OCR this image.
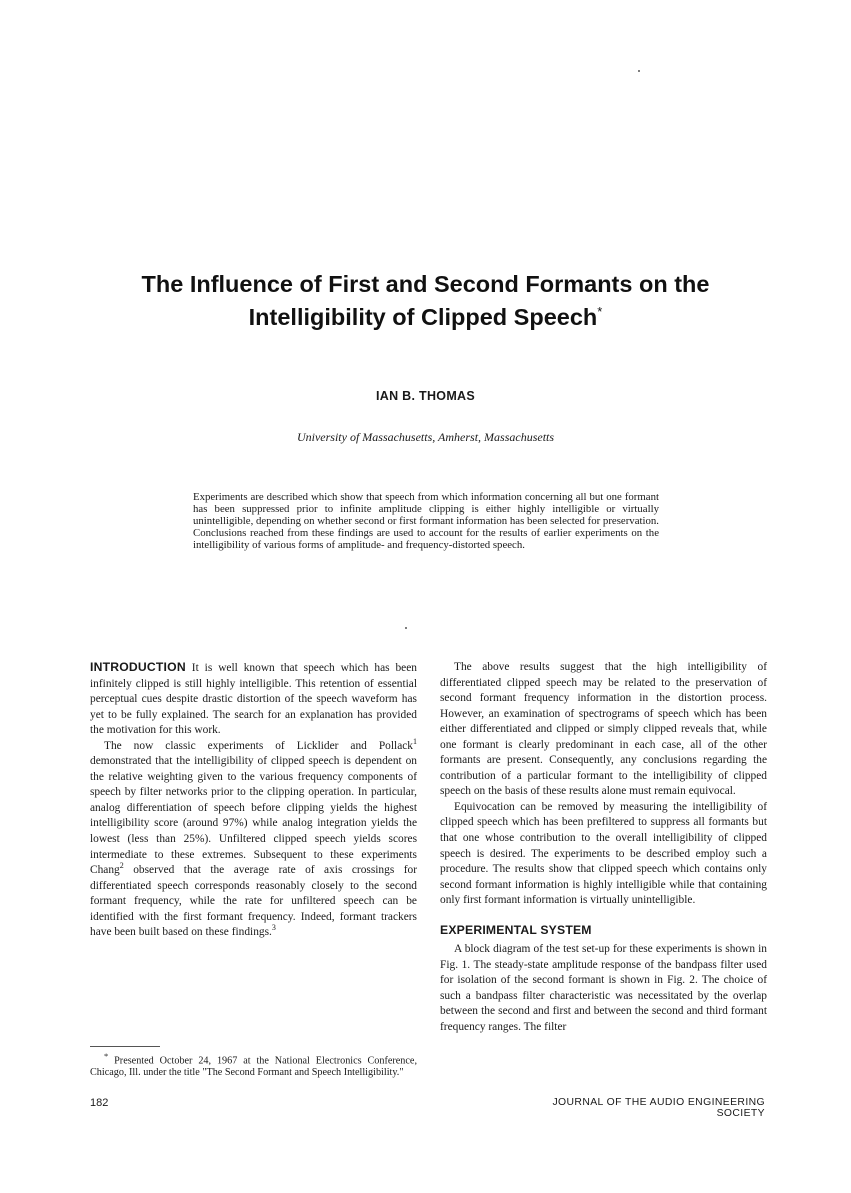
The Influence of First and Second Formants on the
Intelligibility of Clipped Speech*
IAN B. THOMAS
University of Massachusetts, Amherst, Massachusetts
Experiments are described which show that speech from which information concerning all but one formant has been suppressed prior to infinite amplitude clipping is either highly intelligible or virtually unintelligible, depending on whether second or first formant information has been selected for preservation. Conclusions reached from these findings are used to account for the results of earlier experiments on the intelligibility of various forms of amplitude- and frequency-distorted speech.

INTRODUCTION It is well known that speech which has been infinitely clipped is still highly intelligible. This retention of essential perceptual cues despite drastic distortion of the speech waveform has yet to be fully explained. The search for an explanation has provided the motivation for this work.

The now classic experiments of Licklider and Pollack$^1$ demonstrated that the intelligibility of clipped speech is dependent on the relative weighting given to the various frequency components of speech by filter networks prior to the clipping operation. In particular, analog differentiation of speech before clipping yields the highest intelligibility score (around 97%) while analog integration yields the lowest (less than 25%). Unfiltered clipped speech yields scores intermediate to these extremes. Subsequent to these experiments Chang$^2$ observed that the average rate of axis crossings for differentiated speech corresponds reasonably closely to the second formant frequency, while the rate for unfiltered speech can be identified with the first formant frequency. Indeed, formant trackers have been built based on these findings.$^3$

The above results suggest that the high intelligibility of differentiated clipped speech may be related to the preservation of second formant frequency information in the distortion process. However, an examination of spectrograms of speech which has been either differentiated and clipped or simply clipped reveals that, while one formant is clearly predominant in each case, all of the other formants are present. Consequently, any conclusions regarding the contribution of a particular formant to the intelligibility of clipped speech on the basis of these results alone must remain equivocal.

Equivocation can be removed by measuring the intelligibility of clipped speech which has been prefiltered to suppress all formants but that one whose contribution to the overall intelligibility of clipped speech is desired. The experiments to be described employ such a procedure. The results show that clipped speech which contains only second formant information is highly intelligible while that containing only first formant information is virtually unintelligible.

EXPERIMENTAL SYSTEM

A block diagram of the test set-up for these experiments is shown in Fig. 1. The steady-state amplitude response of the bandpass filter used for isolation of the second formant is shown in Fig. 2. The choice of such a bandpass filter characteristic was necessitated by the overlap between the second and first and between the second and third formant frequency ranges. The filter

* Presented October 24, 1967 at the National Electronics Conference, Chicago, Ill. under the title "The Second Formant and Speech Intelligibility."
182	JOURNAL OF THE AUDIO ENGINEERING SOCIETY
